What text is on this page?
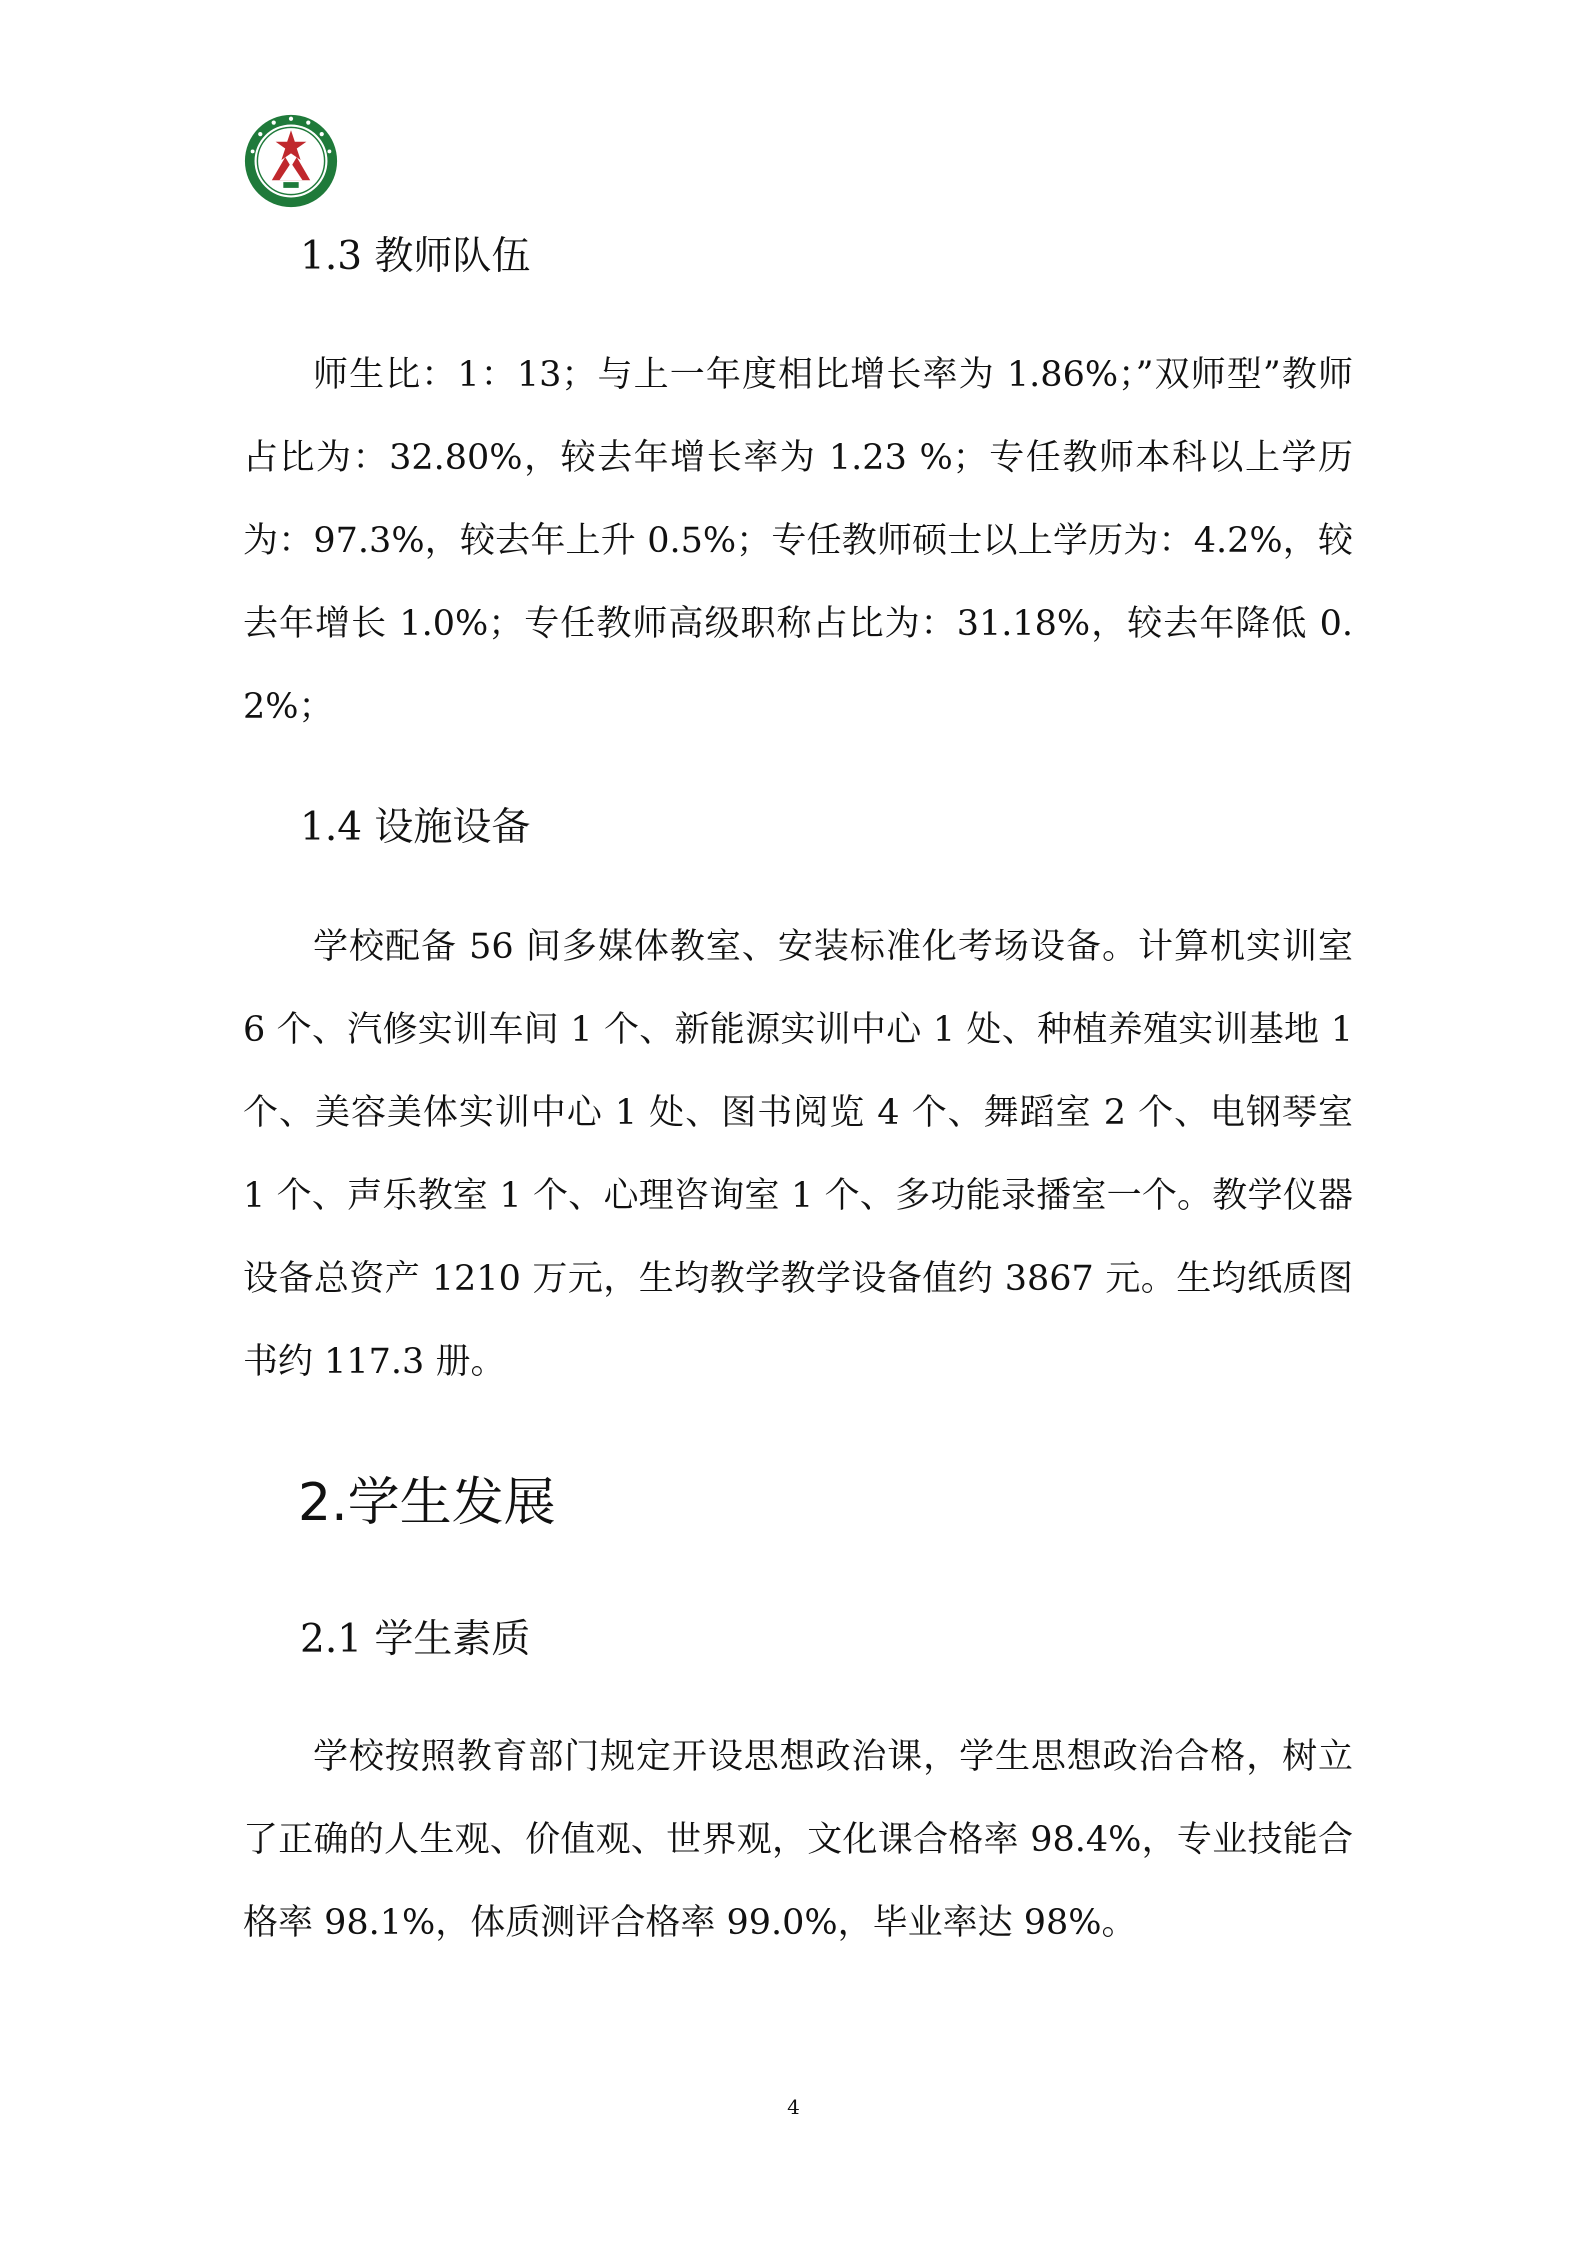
1.3 教师队伍

师生比：1：13；与上一年度相比增长率为 1.86%；”双师型”教师占比为：32.80%，较去年增长率为 1.23 %；专任教师本科以上学历为：97.3%，较去年上升 0.5%；专任教师硕士以上学历为：4.2%，较去年增长 1.0%；专任教师高级职称占比为：31.18%，较去年降低 0.2%；

1.4 设施设备

学校配备 56 间多媒体教室、安装标准化考场设备。计算机实训室 6 个、汽修实训车间 1 个、新能源实训中心 1 处、种植养殖实训基地 1 个、美容美体实训中心 1 处、图书阅览 4 个、舞蹈室 2 个、电钢琴室 1 个、声乐教室 1 个、心理咨询室 1 个、多功能录播室一个。教学仪器设备总资产 1210 万元，生均教学教学设备值约 3867 元。生均纸质图书约 117.3 册。

2.学生发展
2.1 学生素质

学校按照教育部门规定开设思想政治课，学生思想政治合格，树立了正确的人生观、价值观、世界观，文化课合格率 98.4%，专业技能合格率 98.1%，体质测评合格率 99.0%，毕业率达 98%。

4
